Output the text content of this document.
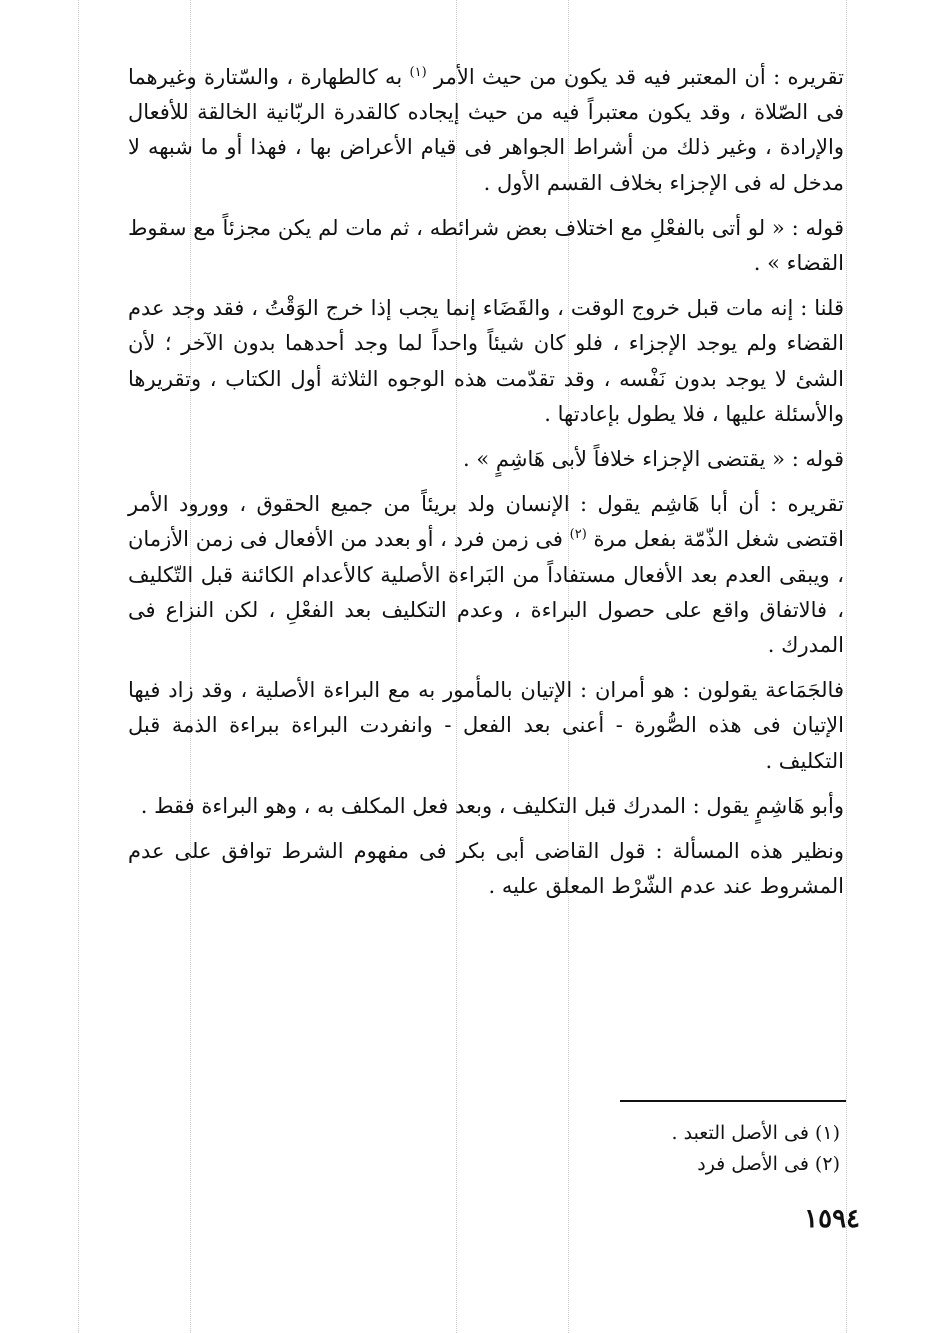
تقريره : أن المعتبر فيه قد يكون من حيث الأمر $^{(١)}$ به كالطهارة ، والسّتارة وغيرهما فى الصّلاة ، وقد يكون معتبراً فيه من حيث إيجاده كالقدرة الربّانية الخالقة للأفعال والإرادة ، وغير ذلك من أشراط الجواهر فى قيام الأعراض بها ، فهذا أو ما شبهه لا مدخل له فى الإجزاء بخلاف القسم الأول .

قوله : « لو أتى بالفعْلِ مع اختلاف بعض شرائطه ، ثم مات لم يكن مجزئاً مع سقوط القضاء » .

قلنا : إنه مات قبل خروج الوقت ، والقَضَاء إنما يجب إذا خرج الوَقْتُ ، فقد وجد عدم القضاء ولم يوجد الإجزاء ، فلو كان شيئاً واحداً لما وجد أحدهما بدون الآخر ؛ لأن الشئ لا يوجد بدون نَفْسه ، وقد تقدّمت هذه الوجوه الثلاثة أول الكتاب ، وتقريرها والأسئلة عليها ، فلا يطول بإعادتها .

قوله : « يقتضى الإجزاء خلافاً لأبى هَاشِمٍ » .

تقريره : أن أبا هَاشِم يقول : الإنسان ولد بريئاً من جميع الحقوق ، وورود الأمر اقتضى شغل الذّمّة بفعل مرة $^{(٢)}$ فى زمن فرد ، أو بعدد من الأفعال فى زمن الأزمان ، ويبقى العدم بعد الأفعال مستفاداً من البَراءة الأصلية كالأعدام الكائنة قبل التّكليف ، فالاتفاق واقع على حصول البراءة ، وعدم التكليف بعد الفعْلِ ، لكن النزاع فى المدرك .

فالجَمَاعة يقولون : هو أمران : الإتيان بالمأمور به مع البراءة الأصلية ، وقد زاد فيها الإتيان فى هذه الصُّورة - أعنى بعد الفعل - وانفردت البراءة ببراءة الذمة قبل التكليف .

وأبو هَاشِمٍ يقول : المدرك قبل التكليف ، وبعد فعل المكلف به ، وهو البراءة فقط .

ونظير هذه المسألة : قول القاضى أبى بكر فى مفهوم الشرط توافق على عدم المشروط عند عدم الشّرْط المعلق عليه .

(١) فى الأصل التعبد .

(٢) فى الأصل فرد

١٥٩٤
